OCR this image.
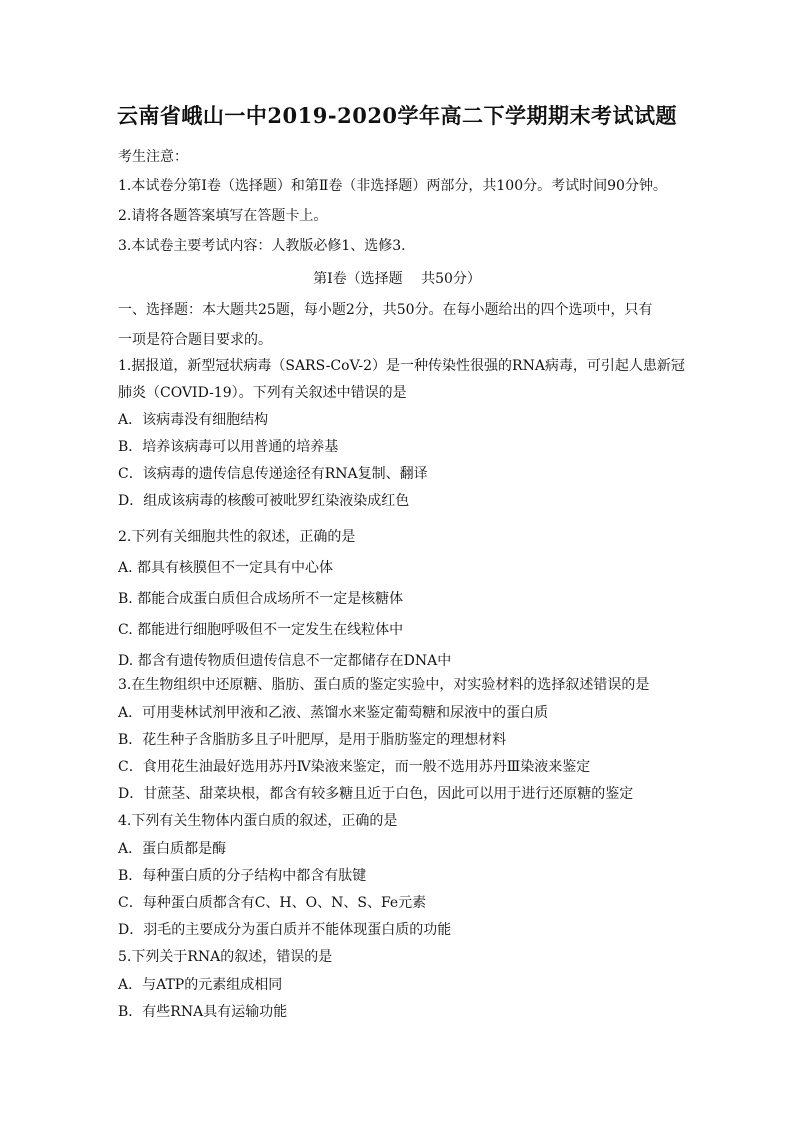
云南省峨山一中2019-2020学年高二下学期期末考试试题
考生注意：
1.本试卷分第Ⅰ卷（选择题）和第Ⅱ卷（非选择题）两部分，共100分。考试时间90分钟。
2.请将各题答案填写在答题卡上。
3.本试卷主要考试内容：人教版必修1、选修3.
第Ⅰ卷（选择题　 共50分）
一、选择题：本大题共25题，每小题2分，共50分。在每小题给出的四个选项中，只有
一项是符合题目要求的。
1.据报道，新型冠状病毒（SARS-CoV-2）是一种传染性很强的RNA病毒，可引起人患新冠
肺炎（COVID-19）。下列有关叙述中错误的是
A．该病毒没有细胞结构
B．培养该病毒可以用普通的培养基
C．该病毒的遗传信息传递途径有RNA复制、翻译
D．组成该病毒的核酸可被吡罗红染液染成红色
2.下列有关细胞共性的叙述，正确的是
A. 都具有核膜但不一定具有中心体
B. 都能合成蛋白质但合成场所不一定是核糖体
C. 都能进行细胞呼吸但不一定发生在线粒体中
D. 都含有遗传物质但遗传信息不一定都储存在DNA中
3.在生物组织中还原糖、脂肪、蛋白质的鉴定实验中，对实验材料的选择叙述错误的是
A．可用斐林试剂甲液和乙液、蒸馏水来鉴定葡萄糖和尿液中的蛋白质
B．花生种子含脂肪多且子叶肥厚，是用于脂肪鉴定的理想材料
C．食用花生油最好选用苏丹Ⅳ染液来鉴定，而一般不选用苏丹Ⅲ染液来鉴定
D．甘蔗茎、甜菜块根，都含有较多糖且近于白色，因此可以用于进行还原糖的鉴定
4.下列有关生物体内蛋白质的叙述，正确的是
A．蛋白质都是酶
B．每种蛋白质的分子结构中都含有肽键
C．每种蛋白质都含有C、H、O、N、S、Fe元素
D．羽毛的主要成分为蛋白质并不能体现蛋白质的功能
5.下列关于RNA的叙述，错误的是
A．与ATP的元素组成相同
B．有些RNA具有运输功能
